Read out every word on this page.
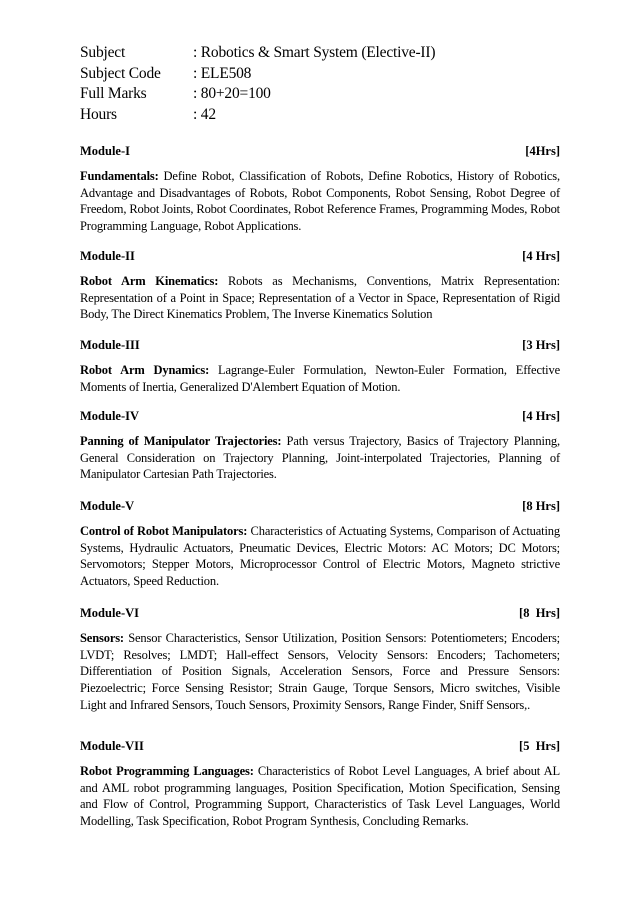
Subject	: Robotics & Smart System (Elective-II)
Subject Code	: ELE508
Full Marks	: 80+20=100
Hours	: 42
Module-I	[4Hrs]
Fundamentals: Define Robot, Classification of Robots, Define Robotics, History of Robotics, Advantage and Disadvantages of Robots, Robot Components, Robot Sensing, Robot Degree of Freedom, Robot Joints, Robot Coordinates, Robot Reference Frames, Programming Modes, Robot Programming Language, Robot Applications.
Module-II	[4 Hrs]
Robot Arm Kinematics: Robots as Mechanisms, Conventions, Matrix Representation: Representation of a Point in Space; Representation of a Vector in Space, Representation of Rigid Body, The Direct Kinematics Problem, The Inverse Kinematics Solution
Module-III	[3 Hrs]
Robot Arm Dynamics: Lagrange-Euler Formulation, Newton-Euler Formation, Effective Moments of Inertia, Generalized D'Alembert Equation of Motion.
Module-IV	[4 Hrs]
Panning of Manipulator Trajectories: Path versus Trajectory, Basics of Trajectory Planning, General Consideration on Trajectory Planning, Joint-interpolated Trajectories, Planning of Manipulator Cartesian Path Trajectories.
Module-V	[8 Hrs]
Control of Robot Manipulators: Characteristics of Actuating Systems, Comparison of Actuating Systems, Hydraulic Actuators, Pneumatic Devices, Electric Motors: AC Motors; DC Motors; Servomotors; Stepper Motors, Microprocessor Control of Electric Motors, Magneto strictive Actuators, Speed Reduction.
Module-VI	[8  Hrs]
Sensors: Sensor Characteristics, Sensor Utilization, Position Sensors: Potentiometers; Encoders; LVDT; Resolves; LMDT; Hall-effect Sensors, Velocity Sensors: Encoders; Tachometers; Differentiation of Position Signals, Acceleration Sensors, Force and Pressure Sensors: Piezoelectric; Force Sensing Resistor; Strain Gauge, Torque Sensors, Micro switches, Visible Light and Infrared Sensors, Touch Sensors, Proximity Sensors, Range Finder, Sniff Sensors,.
Module-VII	[5  Hrs]
Robot Programming Languages: Characteristics of Robot Level Languages, A brief about AL and AML robot programming languages, Position Specification, Motion Specification, Sensing and Flow of Control, Programming Support, Characteristics of Task Level Languages, World Modelling, Task Specification, Robot Program Synthesis, Concluding Remarks.
